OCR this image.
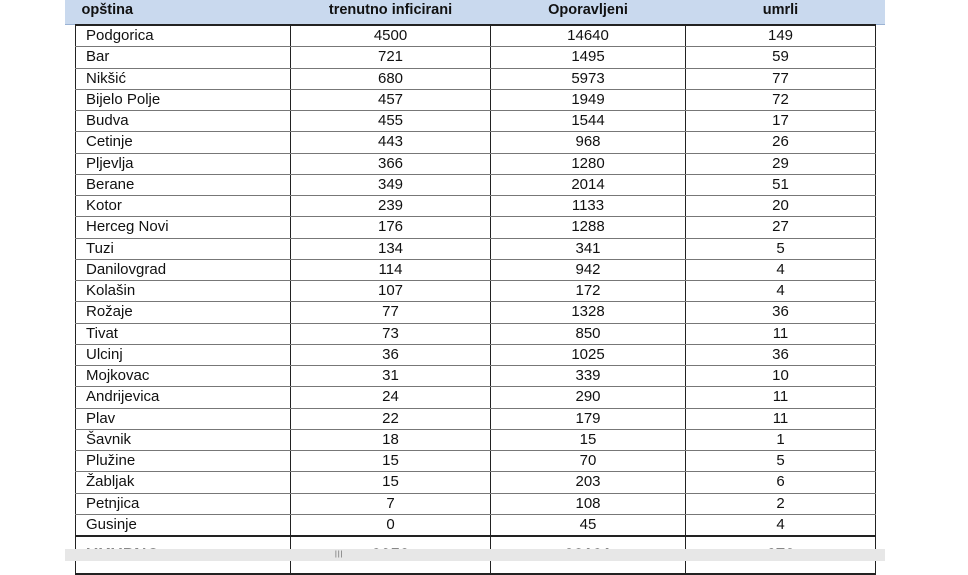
opština	trenutno inficirani	Oporavljeni	umrli
Podgorica	4500	14640	149
Bar	721	1495	59
Nikšić	680	5973	77
Bijelo Polje	457	1949	72
Budva	455	1544	17
Cetinje	443	968	26
Pljevlja	366	1280	29
Berane	349	2014	51
Kotor	239	1133	20
Herceg Novi	176	1288	27
Tuzi	134	341	5
Danilovgrad	114	942	4
Kolašin	107	172	4
Rožaje	77	1328	36
Tivat	73	850	11
Ulcinj	36	1025	36
Mojkovac	31	339	10
Andrijevica	24	290	11
Plav	22	179	11
Šavnik	18	15	1
Plužine	15	70	5
Žabljak	15	203	6
Petnjica	7	108	2
Gusinje	0	45	4

|||
